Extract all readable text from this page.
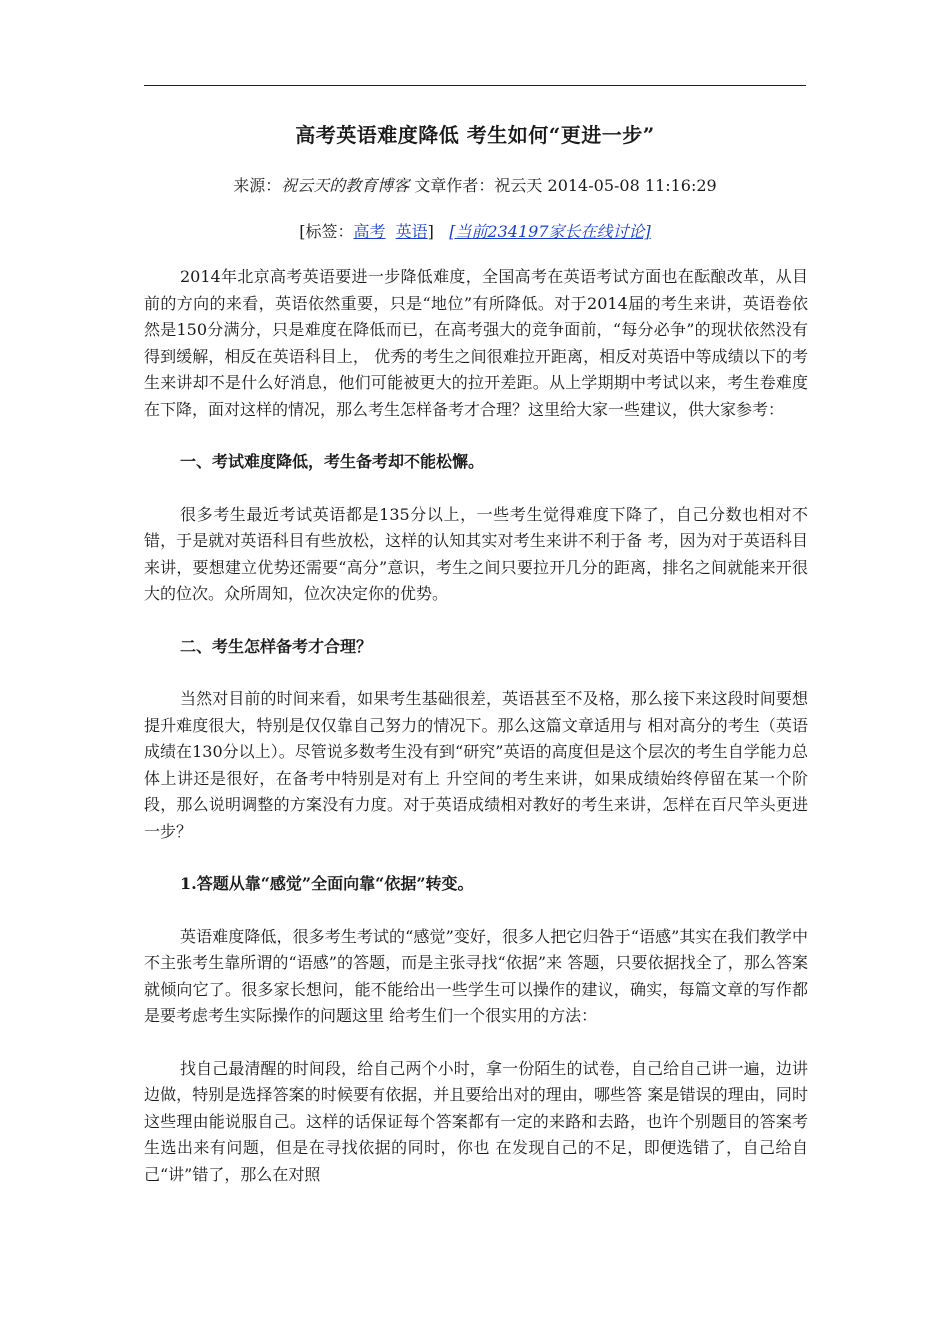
高考英语难度降低 考生如何“更进一步”
来源：祝云天的教育博客 文章作者：祝云天 2014-05-08 11:16:29
[标签：高考 英语] [当前234197家长在线讨论]

2014年北京高考英语要进一步降低难度，全国高考在英语考试方面也在酝酿改革，从目前的方向的来看，英语依然重要，只是“地位”有所降低。对于2014届的考生来讲，英语卷依然是150分满分，只是难度在降低而已，在高考强大的竞争面前，“每分必争”的现状依然没有得到缓解，相反在英语科目上， 优秀的考生之间很难拉开距离，相反对英语中等成绩以下的考生来讲却不是什么好消息，他们可能被更大的拉开差距。从上学期期中考试以来，考生卷难度在下降，面对这样的情况，那么考生怎样备考才合理？这里给大家一些建议，供大家参考：

一、考试难度降低，考生备考却不能松懈。

很多考生最近考试英语都是135分以上，一些考生觉得难度下降了，自己分数也相对不错，于是就对英语科目有些放松，这样的认知其实对考生来讲不利于备 考，因为对于英语科目来讲，要想建立优势还需要“高分”意识，考生之间只要拉开几分的距离，排名之间就能来开很大的位次。众所周知，位次决定你的优势。

二、考生怎样备考才合理？

当然对目前的时间来看，如果考生基础很差，英语甚至不及格，那么接下来这段时间要想提升难度很大，特别是仅仅靠自己努力的情况下。那么这篇文章适用与 相对高分的考生（英语成绩在130分以上）。尽管说多数考生没有到“研究”英语的高度但是这个层次的考生自学能力总体上讲还是很好，在备考中特别是对有上 升空间的考生来讲，如果成绩始终停留在某一个阶段，那么说明调整的方案没有力度。对于英语成绩相对教好的考生来讲，怎样在百尺竿头更进一步？

1.答题从靠“感觉”全面向靠“依据”转变。

英语难度降低，很多考生考试的“感觉”变好，很多人把它归咎于“语感”其实在我们教学中不主张考生靠所谓的“语感”的答题，而是主张寻找“依据”来 答题，只要依据找全了，那么答案就倾向它了。很多家长想问，能不能给出一些学生可以操作的建议，确实，每篇文章的写作都是要考虑考生实际操作的问题这里 给考生们一个很实用的方法：

找自己最清醒的时间段，给自己两个小时，拿一份陌生的试卷，自己给自己讲一遍，边讲边做，特别是选择答案的时候要有依据，并且要给出对的理由，哪些答 案是错误的理由，同时这些理由能说服自己。这样的话保证每个答案都有一定的来路和去路，也许个别题目的答案考生选出来有问题，但是在寻找依据的同时，你也 在发现自己的不足，即便选错了，自己给自己“讲”错了，那么在对照
